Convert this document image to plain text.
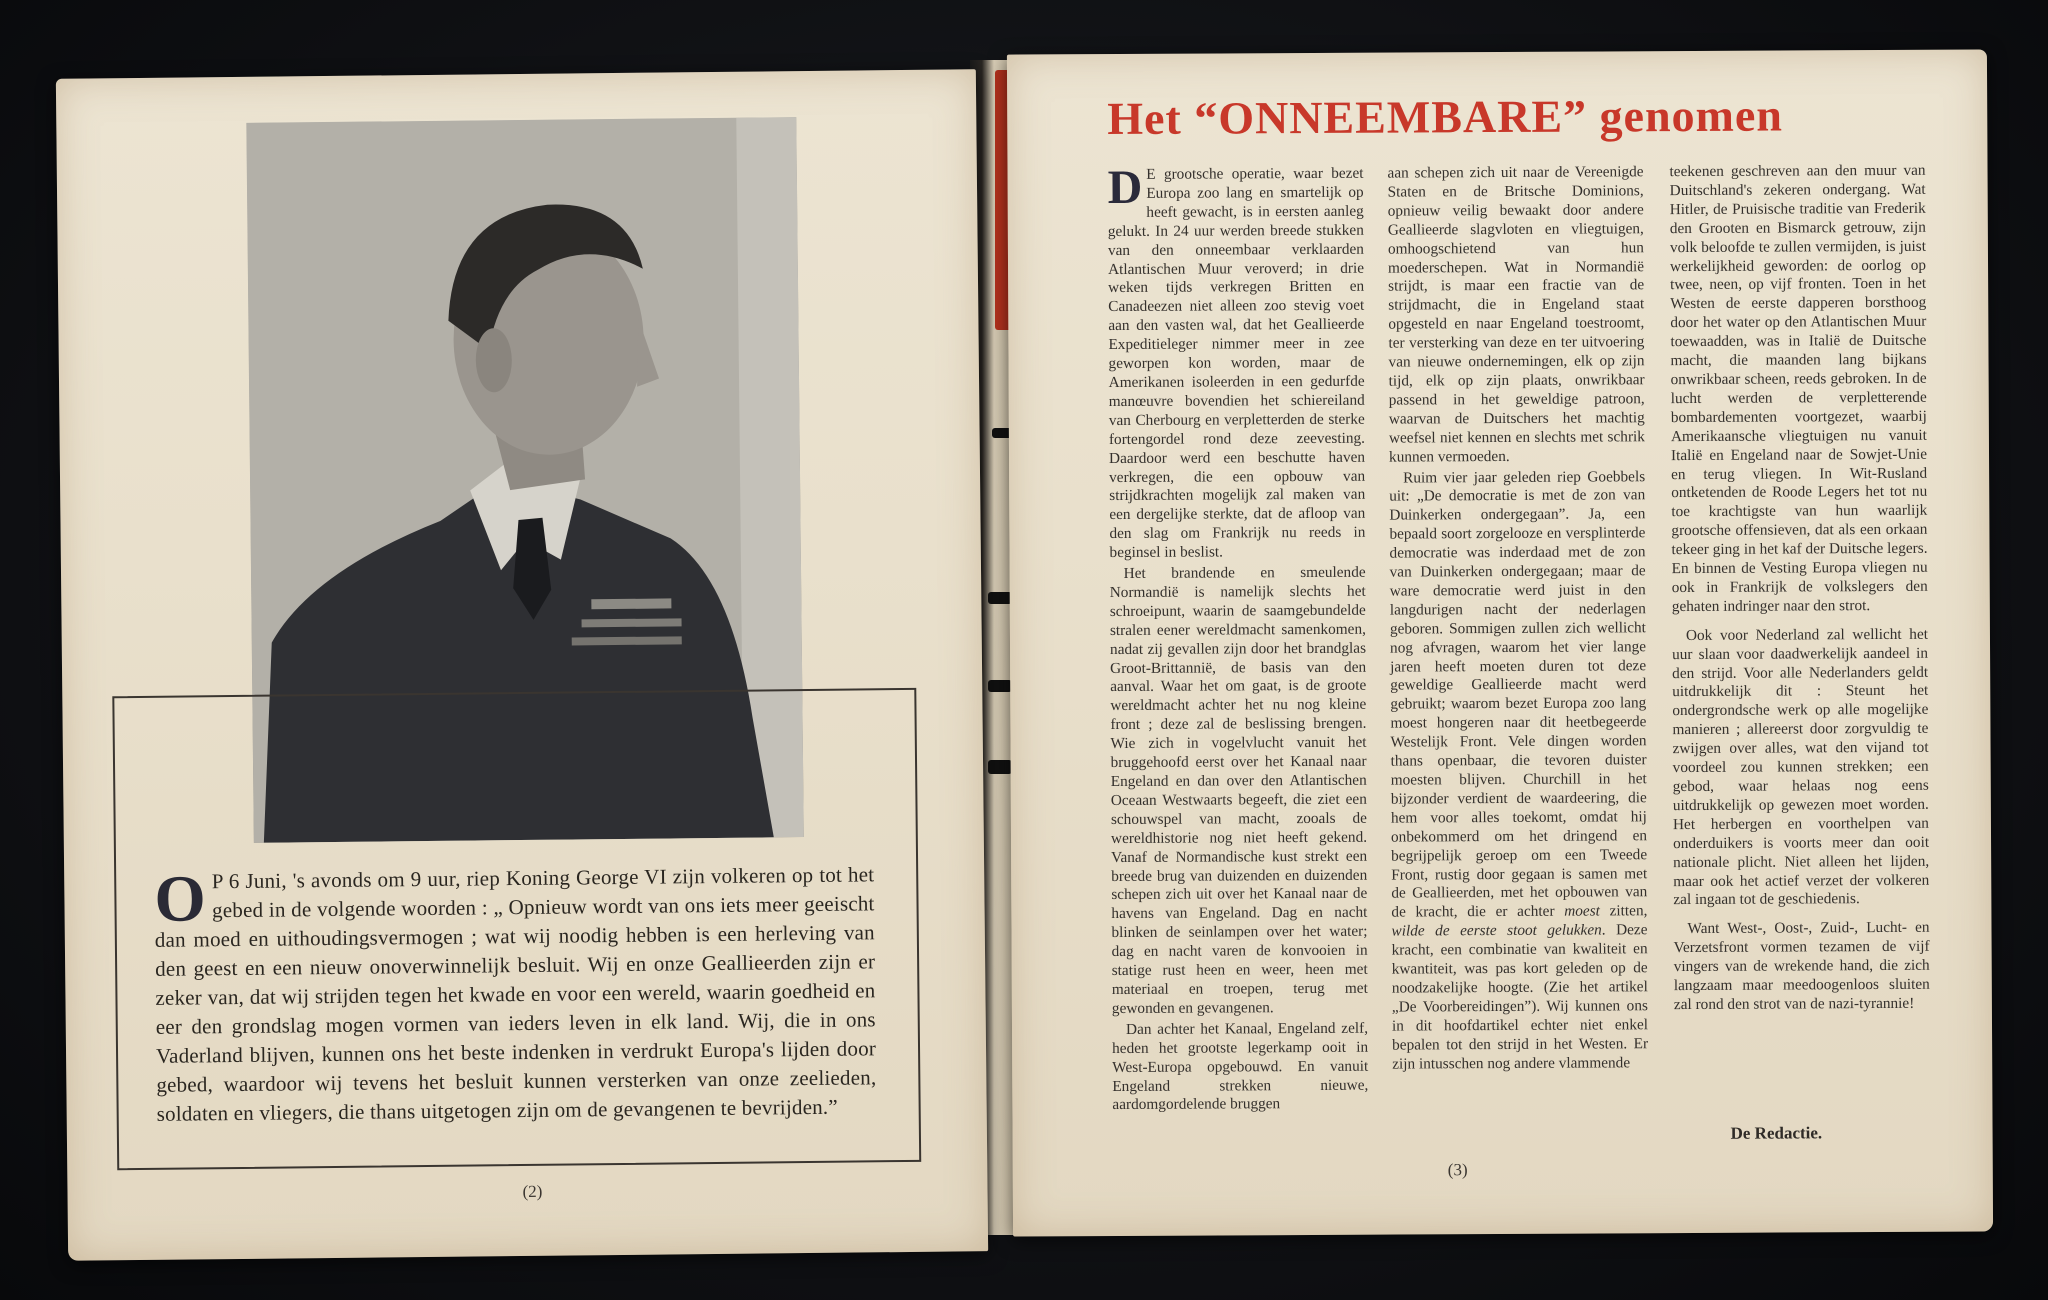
O P 6 Juni, 's avonds om 9 uur, riep Koning George VI zijn volkeren op tot het gebed in de volgende woorden : „ Opnieuw wordt van ons iets meer geeischt dan moed en uithoudingsvermogen ; wat wij noodig hebben is een herleving van den geest en een nieuw onoverwinnelijk besluit. Wij en onze Geallieerden zijn er zeker van, dat wij strijden tegen het kwade en voor een wereld, waarin goedheid en eer den grondslag mogen vormen van ieders leven in elk land. Wij, die in ons Vaderland blijven, kunnen ons het beste indenken in verdrukt Europa's lijden door gebed, waardoor wij tevens het besluit kunnen versterken van onze zeelieden, soldaten en vliegers, die thans uitgetogen zijn om de gevangenen te bevrijden.”
(2)
Het “ONNEEMBARE” genomen

D E grootsche operatie, waar bezet Europa zoo lang en smartelijk op heeft gewacht, is in eersten aanleg gelukt. In 24 uur werden breede stukken van den onneembaar verklaarden Atlantischen Muur veroverd; in drie weken tijds verkregen Britten en Canadeezen niet alleen zoo stevig voet aan den vasten wal, dat het Geallieerde Expeditieleger nimmer meer in zee geworpen kon worden, maar de Amerikanen isoleerden in een gedurfde manœuvre bovendien het schiereiland van Cherbourg en verpletterden de sterke fortengordel rond deze zeevesting. Daardoor werd een beschutte haven verkregen, die een opbouw van strijdkrachten mogelijk zal maken van een dergelijke sterkte, dat de afloop van den slag om Frankrijk nu reeds in beginsel in beslist.

Het brandende en smeulende Normandië is namelijk slechts het schroeipunt, waarin de saamgebundelde stralen eener wereldmacht samenkomen, nadat zij gevallen zijn door het brandglas Groot-Brittannië, de basis van den aanval. Waar het om gaat, is de groote wereldmacht achter het nu nog kleine front ; deze zal de beslissing brengen. Wie zich in vogelvlucht vanuit het bruggehoofd eerst over het Kanaal naar Engeland en dan over den Atlantischen Oceaan Westwaarts begeeft, die ziet een schouwspel van macht, zooals de wereldhistorie nog niet heeft gekend. Vanaf de Normandische kust strekt een breede brug van duizenden en duizenden schepen zich uit over het Kanaal naar de havens van Engeland. Dag en nacht blinken de seinlampen over het water; dag en nacht varen de konvooien in statige rust heen en weer, heen met materiaal en troepen, terug met gewonden en gevangenen.

Dan achter het Kanaal, Engeland zelf, heden het grootste legerkamp ooit in West-Europa opgebouwd. En vanuit Engeland strekken nieuwe, aardomgordelende bruggen

aan schepen zich uit naar de Vereenigde Staten en de Britsche Dominions, opnieuw veilig bewaakt door andere Geallieerde slagvloten en vliegtuigen, omhoogschietend van hun moederschepen. Wat in Normandië strijdt, is maar een fractie van de strijdmacht, die in Engeland staat opgesteld en naar Engeland toestroomt, ter versterking van deze en ter uitvoering van nieuwe ondernemingen, elk op zijn tijd, elk op zijn plaats, onwrikbaar passend in het geweldige patroon, waarvan de Duitschers het machtig weefsel niet kennen en slechts met schrik kunnen vermoeden.

Ruim vier jaar geleden riep Goebbels uit: „De democratie is met de zon van Duinkerken ondergegaan”. Ja, een bepaald soort zorgelooze en versplinterde democratie was inderdaad met de zon van Duinkerken ondergegaan; maar de ware democratie werd juist in den langdurigen nacht der nederlagen geboren. Sommigen zullen zich wellicht nog afvragen, waarom het vier lange jaren heeft moeten duren tot deze geweldige Geallieerde macht werd gebruikt; waarom bezet Europa zoo lang moest hongeren naar dit heetbegeerde Westelijk Front. Vele dingen worden thans openbaar, die tevoren duister moesten blijven. Churchill in het bijzonder verdient de waardeering, die hem voor alles toekomt, omdat hij onbekommerd om het dringend en begrijpelijk geroep om een Tweede Front, rustig door gegaan is samen met de Geallieerden, met het opbouwen van de kracht, die er achter moest zitten, wilde de eerste stoot gelukken. Deze kracht, een combinatie van kwaliteit en kwantiteit, was pas kort geleden op de noodzakelijke hoogte. (Zie het artikel „De Voorbereidingen”). Wij kunnen ons in dit hoofdartikel echter niet enkel bepalen tot den strijd in het Westen. Er zijn intusschen nog andere vlammende

teekenen geschreven aan den muur van Duitschland's zekeren ondergang. Wat Hitler, de Pruisische traditie van Frederik den Grooten en Bismarck getrouw, zijn volk beloofde te zullen vermijden, is juist werkelijkheid geworden: de oorlog op twee, neen, op vijf fronten. Toen in het Westen de eerste dapperen borsthoog door het water op den Atlantischen Muur toewaadden, was in Italië de Duitsche macht, die maanden lang bijkans onwrikbaar scheen, reeds gebroken. In de lucht werden de verpletterende bombardementen voortgezet, waarbij Amerikaansche vliegtuigen nu vanuit Italië en Engeland naar de Sowjet-Unie en terug vliegen. In Wit-Rusland ontketenden de Roode Legers het tot nu toe krachtigste van hun waarlijk grootsche offensieven, dat als een orkaan tekeer ging in het kaf der Duitsche legers. En binnen de Vesting Europa vliegen nu ook in Frankrijk de volkslegers den gehaten indringer naar den strot.

Ook voor Nederland zal wellicht het uur slaan voor daadwerkelijk aandeel in den strijd. Voor alle Nederlanders geldt uitdrukkelijk dit : Steunt het ondergrondsche werk op alle mogelijke manieren ; allereerst door zorgvuldig te zwijgen over alles, wat den vijand tot voordeel zou kunnen strekken; een gebod, waar helaas nog eens uitdrukkelijk op gewezen moet worden. Het herbergen en voorthelpen van onderduikers is voorts meer dan ooit nationale plicht. Niet alleen het lijden, maar ook het actief verzet der volkeren zal ingaan tot de geschiedenis.

Want West-, Oost-, Zuid-, Lucht- en Verzetsfront vormen tezamen de vijf vingers van de wrekende hand, die zich langzaam maar meedoogenloos sluiten zal rond den strot van de nazi-tyrannie!

De Redactie.
(3)
